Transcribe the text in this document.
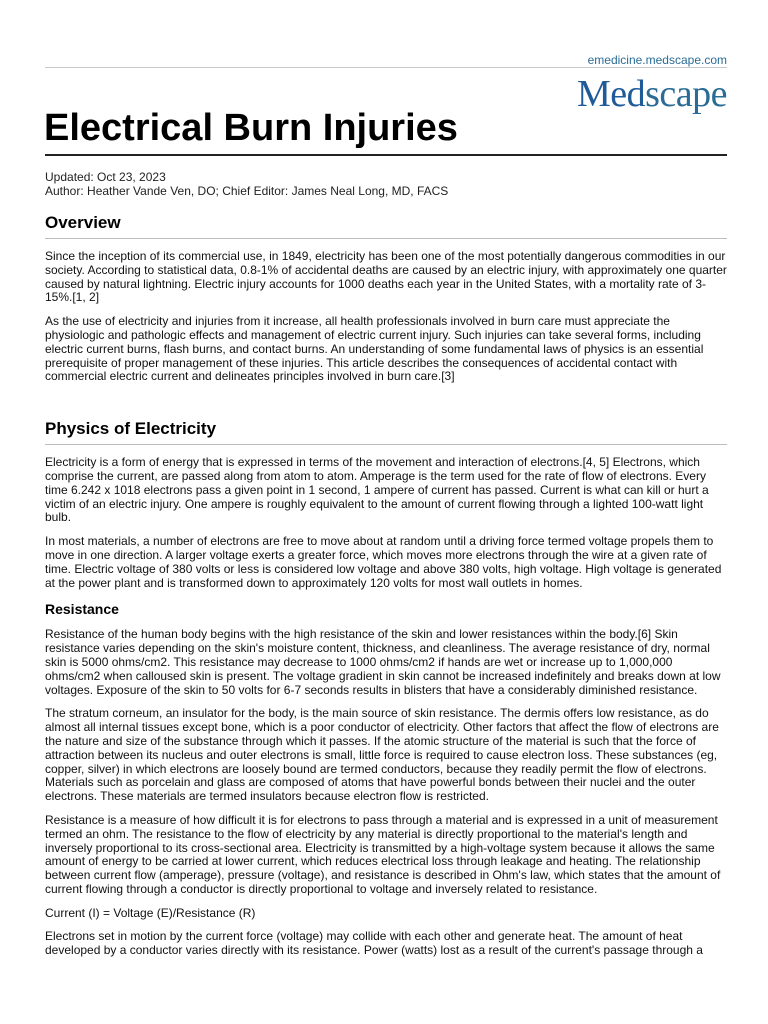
emedicine.medscape.com
Medscape
Electrical Burn Injuries
Updated: Oct 23, 2023
Author: Heather Vande Ven, DO; Chief Editor: James Neal Long, MD, FACS
Overview

Since the inception of its commercial use, in 1849, electricity has been one of the most potentially dangerous commodities in our society. According to statistical data, 0.8-1% of accidental deaths are caused by an electric injury, with approximately one quarter caused by natural lightning. Electric injury accounts for 1000 deaths each year in the United States, with a mortality rate of 3-15%.[1, 2]

As the use of electricity and injuries from it increase, all health professionals involved in burn care must appreciate the physiologic and pathologic effects and management of electric current injury. Such injuries can take several forms, including electric current burns, flash burns, and contact burns. An understanding of some fundamental laws of physics is an essential prerequisite of proper management of these injuries. This article describes the consequences of accidental contact with commercial electric current and delineates principles involved in burn care.[3]

Physics of Electricity

Electricity is a form of energy that is expressed in terms of the movement and interaction of electrons.[4, 5] Electrons, which comprise the current, are passed along from atom to atom. Amperage is the term used for the rate of flow of electrons. Every time 6.242 x 1018 electrons pass a given point in 1 second, 1 ampere of current has passed. Current is what can kill or hurt a victim of an electric injury. One ampere is roughly equivalent to the amount of current flowing through a lighted 100-watt light bulb.

In most materials, a number of electrons are free to move about at random until a driving force termed voltage propels them to move in one direction. A larger voltage exerts a greater force, which moves more electrons through the wire at a given rate of time. Electric voltage of 380 volts or less is considered low voltage and above 380 volts, high voltage. High voltage is generated at the power plant and is transformed down to approximately 120 volts for most wall outlets in homes.

Resistance

Resistance of the human body begins with the high resistance of the skin and lower resistances within the body.[6] Skin resistance varies depending on the skin's moisture content, thickness, and cleanliness. The average resistance of dry, normal skin is 5000 ohms/cm2. This resistance may decrease to 1000 ohms/cm2 if hands are wet or increase up to 1,000,000 ohms/cm2 when calloused skin is present. The voltage gradient in skin cannot be increased indefinitely and breaks down at low voltages. Exposure of the skin to 50 volts for 6-7 seconds results in blisters that have a considerably diminished resistance.

The stratum corneum, an insulator for the body, is the main source of skin resistance. The dermis offers low resistance, as do almost all internal tissues except bone, which is a poor conductor of electricity. Other factors that affect the flow of electrons are the nature and size of the substance through which it passes. If the atomic structure of the material is such that the force of attraction between its nucleus and outer electrons is small, little force is required to cause electron loss. These substances (eg, copper, silver) in which electrons are loosely bound are termed conductors, because they readily permit the flow of electrons. Materials such as porcelain and glass are composed of atoms that have powerful bonds between their nuclei and the outer electrons. These materials are termed insulators because electron flow is restricted.

Resistance is a measure of how difficult it is for electrons to pass through a material and is expressed in a unit of measurement termed an ohm. The resistance to the flow of electricity by any material is directly proportional to the material's length and inversely proportional to its cross-sectional area. Electricity is transmitted by a high-voltage system because it allows the same amount of energy to be carried at lower current, which reduces electrical loss through leakage and heating. The relationship between current flow (amperage), pressure (voltage), and resistance is described in Ohm's law, which states that the amount of current flowing through a conductor is directly proportional to voltage and inversely related to resistance.

Current (I) = Voltage (E)/Resistance (R)

Electrons set in motion by the current force (voltage) may collide with each other and generate heat. The amount of heat developed by a conductor varies directly with its resistance. Power (watts) lost as a result of the current's passage through a
